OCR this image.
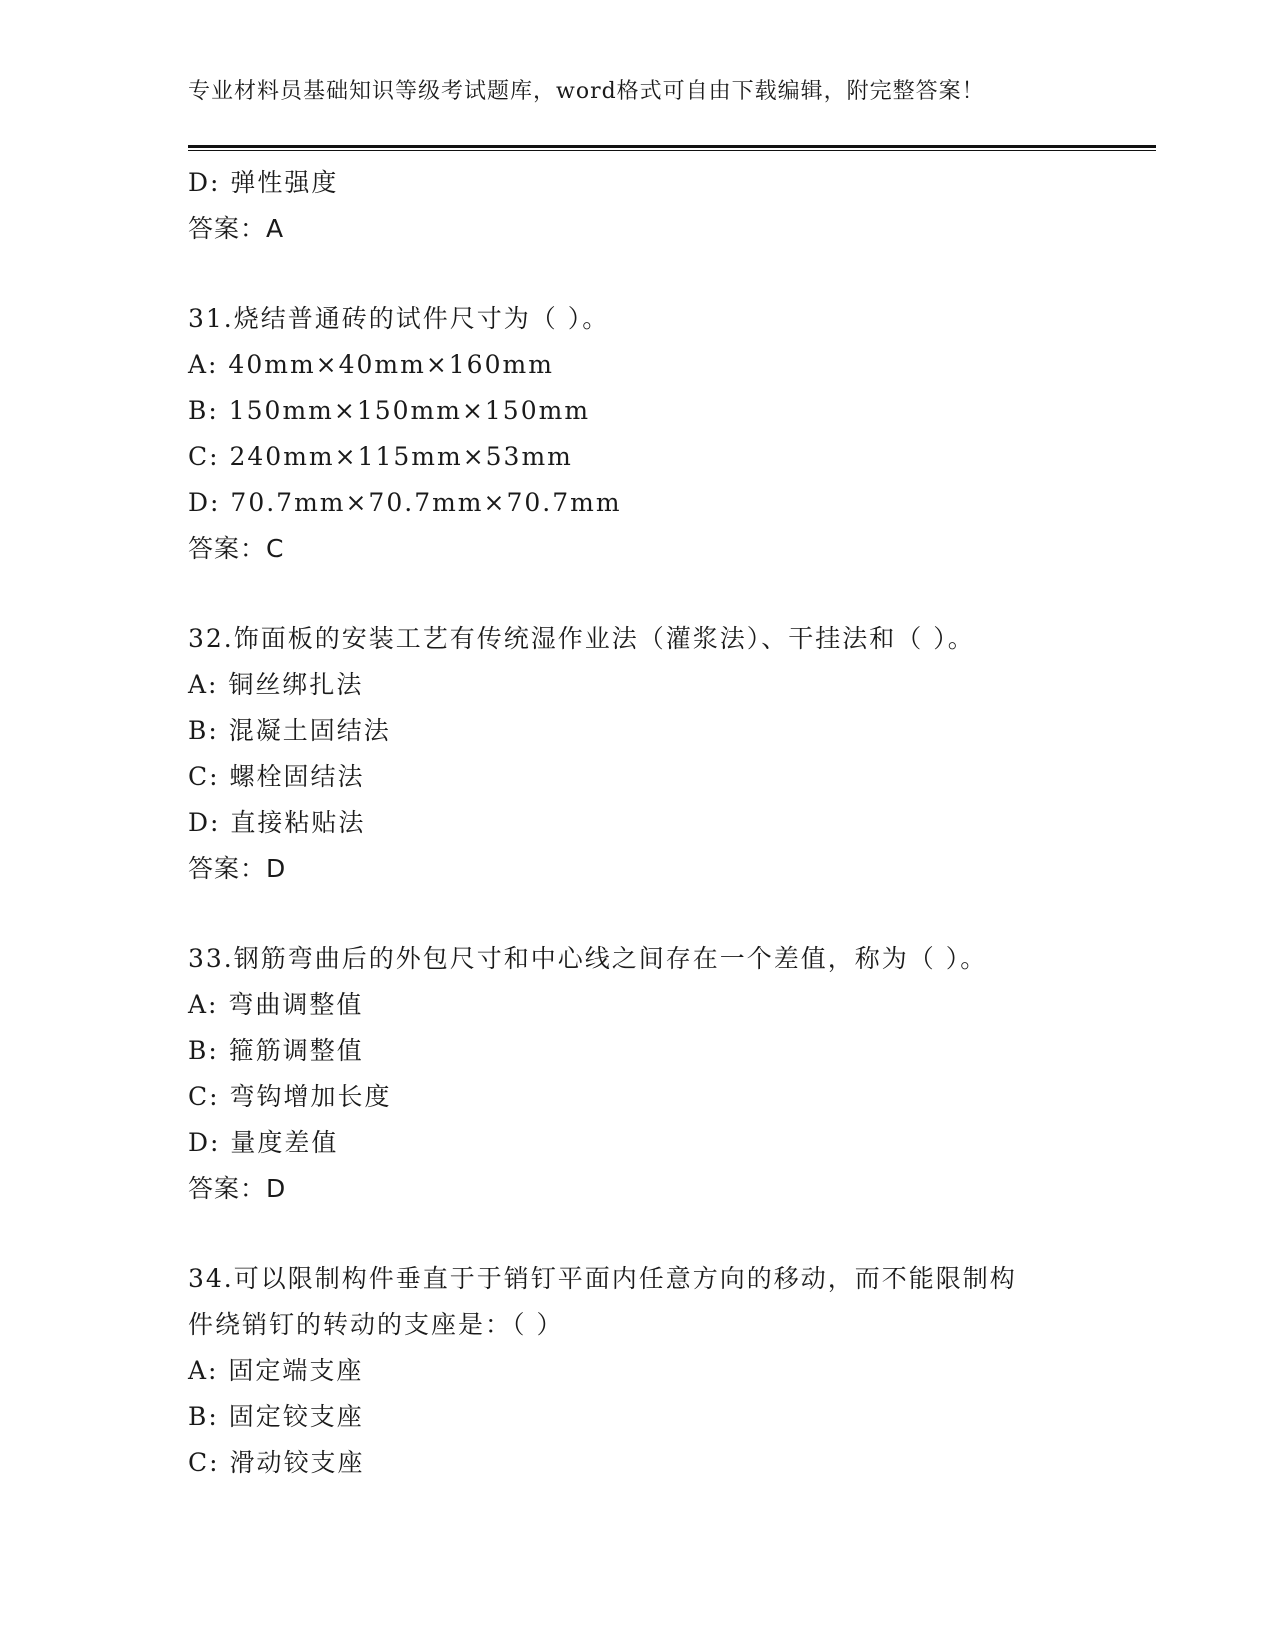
专业材料员基础知识等级考试题库，word格式可自由下载编辑，附完整答案！
D: 弹性强度
答案：A
31.烧结普通砖的试件尺寸为（ ）。
A: 40mm×40mm×160mm
B: 150mm×150mm×150mm
C: 240mm×115mm×53mm
D: 70.7mm×70.7mm×70.7mm
答案：C
32.饰面板的安装工艺有传统湿作业法（灌浆法）、干挂法和（ ）。
A: 铜丝绑扎法
B: 混凝土固结法
C: 螺栓固结法
D: 直接粘贴法
答案：D
33.钢筋弯曲后的外包尺寸和中心线之间存在一个差值，称为（ ）。
A: 弯曲调整值
B: 箍筋调整值
C: 弯钩增加长度
D: 量度差值
答案：D
34.可以限制构件垂直于于销钉平面内任意方向的移动，而不能限制构
件绕销钉的转动的支座是：（ ）
A: 固定端支座
B: 固定铰支座
C: 滑动铰支座
